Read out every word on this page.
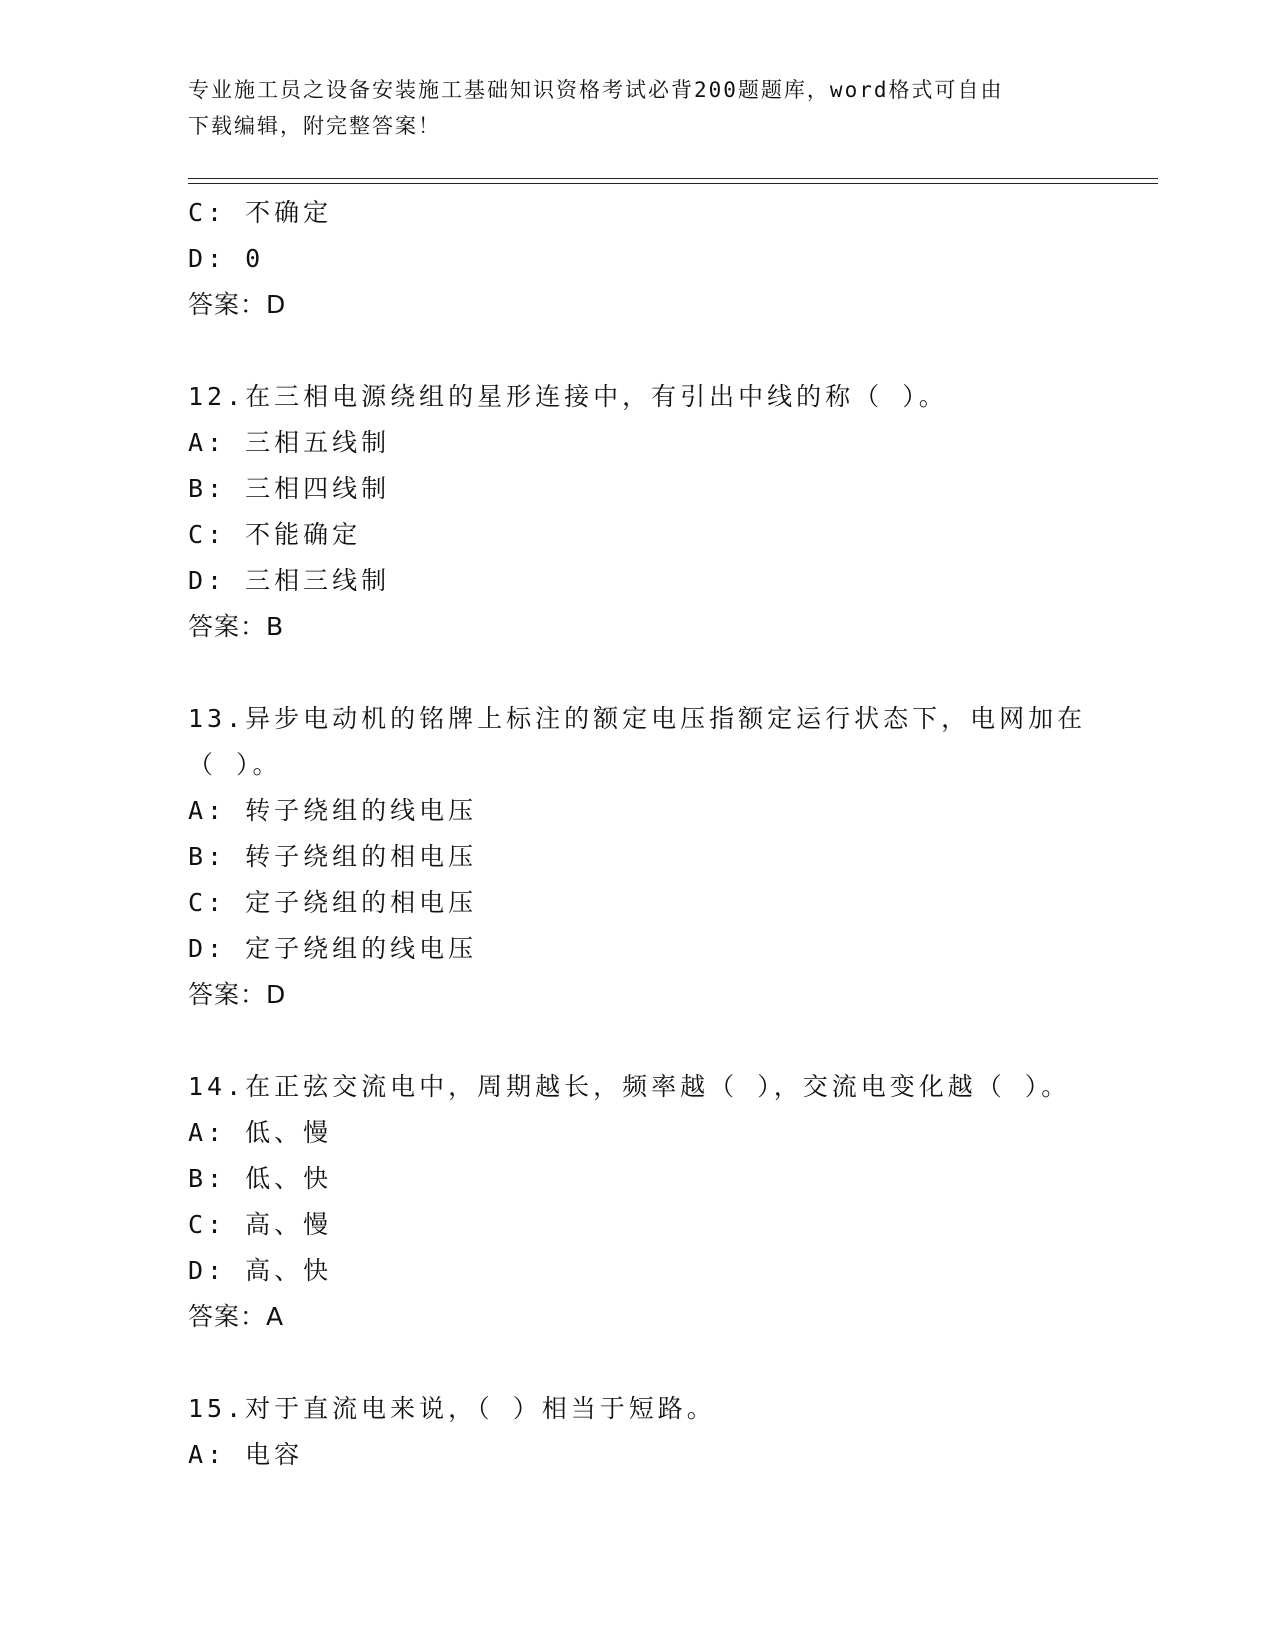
专业施工员之设备安装施工基础知识资格考试必背200题题库，word格式可自由
下载编辑，附完整答案！
C: 不确定
D: 0
答案：D
12.在三相电源绕组的星形连接中，有引出中线的称（ ）。
A: 三相五线制
B: 三相四线制
C: 不能确定
D: 三相三线制
答案：B
13.异步电动机的铭牌上标注的额定电压指额定运行状态下，电网加在
（ ）。
A: 转子绕组的线电压
B: 转子绕组的相电压
C: 定子绕组的相电压
D: 定子绕组的线电压
答案：D
14.在正弦交流电中，周期越长，频率越（ ），交流电变化越（ ）。
A: 低、慢
B: 低、快
C: 高、慢
D: 高、快
答案：A
15.对于直流电来说，（ ）相当于短路。
A: 电容
